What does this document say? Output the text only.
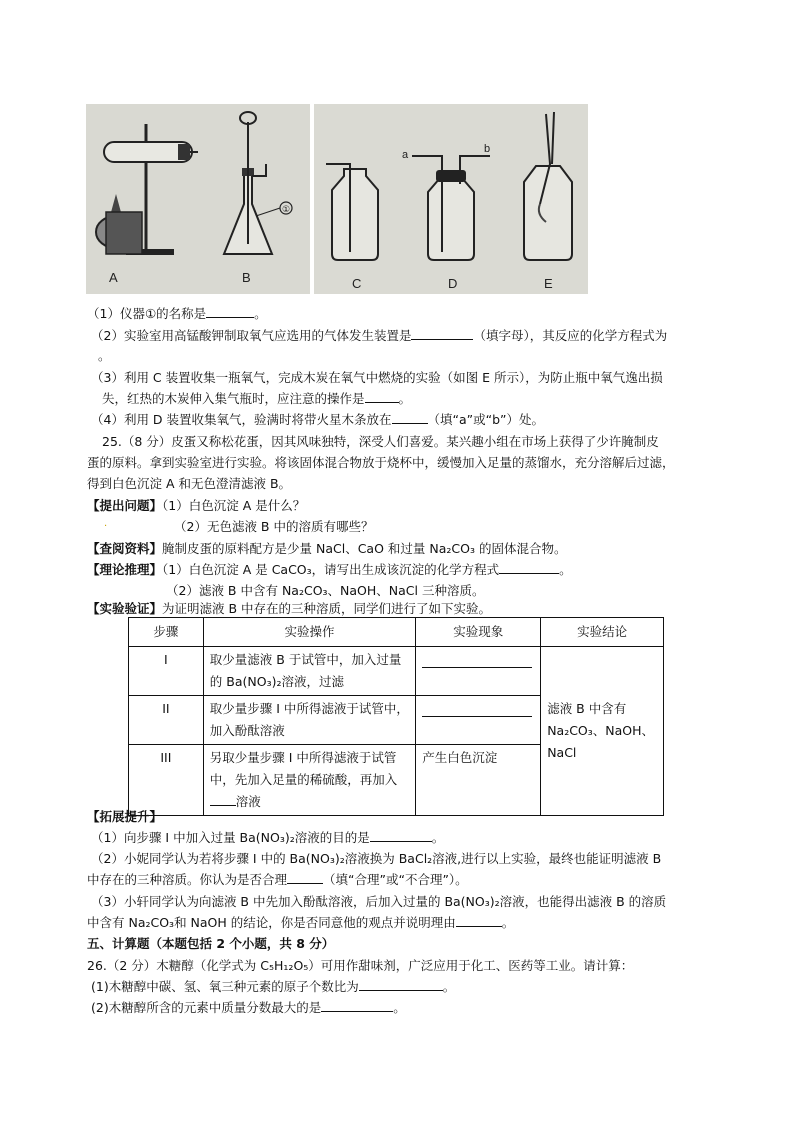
A
①
B	C
a	b
D	E
（1）仪器①的名称是	。
（2）实验室用高锰酸钾制取氧气应选用的气体发生装置是	（填字母），其反应的化学方程式为
。
（3）利用 C 装置收集一瓶氧气，完成木炭在氧气中燃烧的实验（如图 E 所示），为防止瓶中氧气逸出损
失，红热的木炭伸入集气瓶时，应注意的操作是	。
（4）利用 D 装置收集氧气，验满时将带火星木条放在	（填“a”或“b”）处。
25.（8 分）皮蛋又称松花蛋，因其风味独特，深受人们喜爱。某兴趣小组在市场上获得了少许腌制皮
蛋的原料。拿到实验室进行实验。将该固体混合物放于烧杯中，缓慢加入足量的蒸馏水，充分溶解后过滤，
得到白色沉淀 A 和无色澄清滤液 B。
【提出问题】（1）白色沉淀 A 是什么？
·	（2）无色滤液 B 中的溶质有哪些？
【查阅资料】腌制皮蛋的原料配方是少量 NaCl、CaO 和过量 Na₂CO₃ 的固体混合物。
【理论推理】（1）白色沉淀 A 是 CaCO₃，请写出生成该沉淀的化学方程式	。
（2）滤液 B 中含有 Na₂CO₃、NaOH、NaCl 三种溶质。
【实验验证】为证明滤液 B 中存在的三种溶质，同学们进行了如下实验。
步骤	实验操作	实验现象	实验结论
I	取少量滤液 B 于试管中，加入过量的 Ba(NO₃)₂溶液，过滤		滤液 B 中含有 Na₂CO₃、NaOH、NaCl
II	取少量步骤 I 中所得滤液于试管中，加入酚酞溶液		

III	另取少量步骤 I 中所得滤液于试管中，先加入足量的稀硫酸，再加入溶液	产生白色沉淀	
【拓展提升】
（1）向步骤 I 中加入过量 Ba(NO₃)₂溶液的目的是	。
（2）小妮同学认为若将步骤 I 中的 Ba(NO₃)₂溶液换为 BaCl₂溶液,进行以上实验，最终也能证明滤液 B
中存在的三种溶质。你认为是否合理	（填“合理”或“不合理”）。
（3）小轩同学认为向滤液 B 中先加入酚酞溶液，后加入过量的 Ba(NO₃)₂溶液，也能得出滤液 B 的溶质
中含有 Na₂CO₃和 NaOH 的结论，你是否同意他的观点并说明理由	。
五、计算题（本题包括 2 个小题，共 8 分）
26.（2 分）木糖醇（化学式为 C₅H₁₂O₅）可用作甜味剂，广泛应用于化工、医药等工业。请计算：
(1)木糖醇中碳、氢、氧三种元素的原子个数比为	。
(2)木糖醇所含的元素中质量分数最大的是	。
